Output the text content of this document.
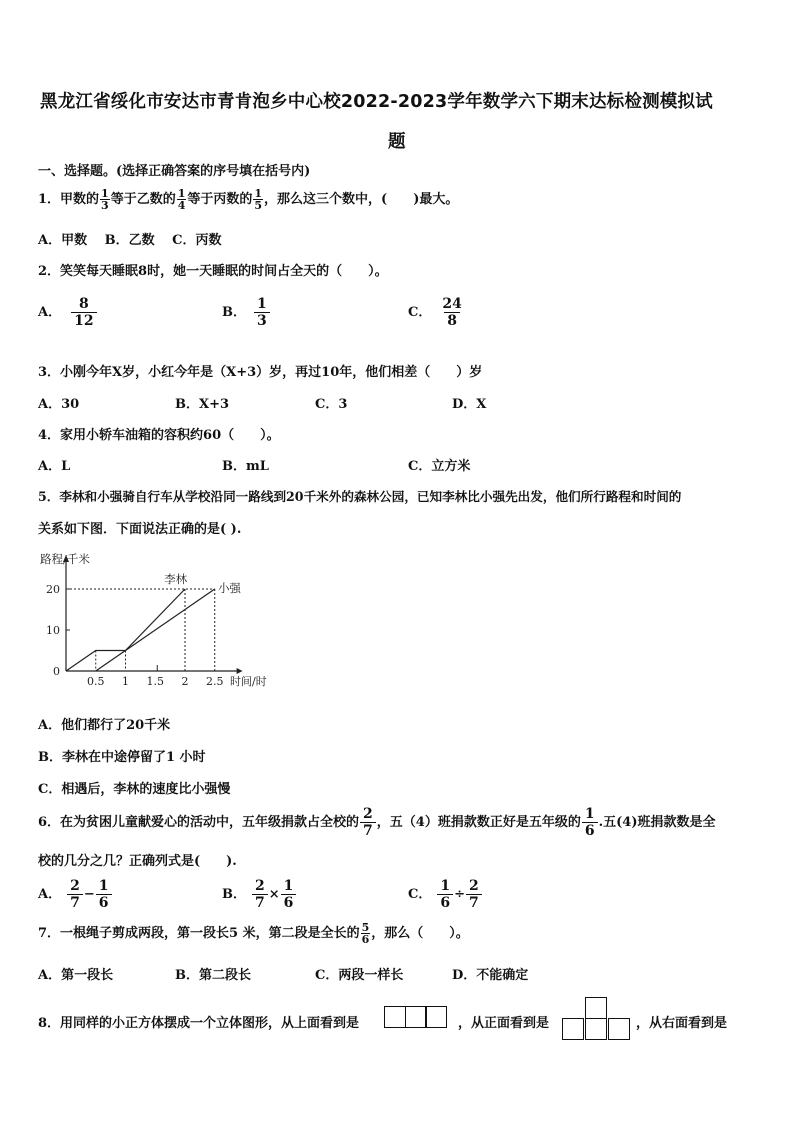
黑龙江省绥化市安达市青肯泡乡中心校2022-2023学年数学六下期末达标检测模拟试
题
一、选择题。(选择正确答案的序号填在括号内)
1．甲数的 $\frac{1}{3}$ 等于乙数的 $\frac{1}{4}$ 等于丙数的 $\frac{1}{5}$ ，那么这三个数中，(　　)最大。
A．甲数　 B．乙数　 C．丙数
2．笑笑每天睡眠8时，她一天睡眠的时间占全天的（　　）。
A． $\frac{8}{12}$	B． $\frac{1}{3}$	C． $\frac{24}{8}$
3．小刚今年X岁，小红今年是（X+3）岁，再过10年，他们相差（　　）岁
A．30	B．X+3	C．3	D．X
4．家用小轿车油箱的容积约60（　　）。
A．L	B．mL	C．立方米
5．李林和小强骑自行车从学校沿同一路线到20千米外的森林公园，已知李林比小强先出发，他们所行路程和时间的
关系如下图．下面说法正确的是( ).
路程/千米
时间/时
0
10
20
0.5 1 1.5 2 2.5
李林
小强
A．他们都行了20千米
B．李林在中途停留了1 小时
C．相遇后，李林的速度比小强慢
6．在为贫困儿童献爱心的活动中，五年级捐款占全校的 $\frac{2}{7}$ ，五（4）班捐款数正好是五年级的 $\frac{1}{6}$ .五(4)班捐款数是全
校的几分之几？正确列式是(　　).
A． $\frac{2}{7} - \frac{1}{6}$	B． $\frac{2}{7} \times \frac{1}{6}$	C． $\frac{1}{6} \div \frac{2}{7}$
7．一根绳子剪成两段，第一段长5 米，第二段是全长的 $\frac{5}{6}$ ，那么（　　）。
A．第一段长	B．第二段长	C．两段一样长	D．不能确定
8．用同样的小正方体摆成一个立体图形，从上面看到是	，从正面看到是	，从右面看到是
